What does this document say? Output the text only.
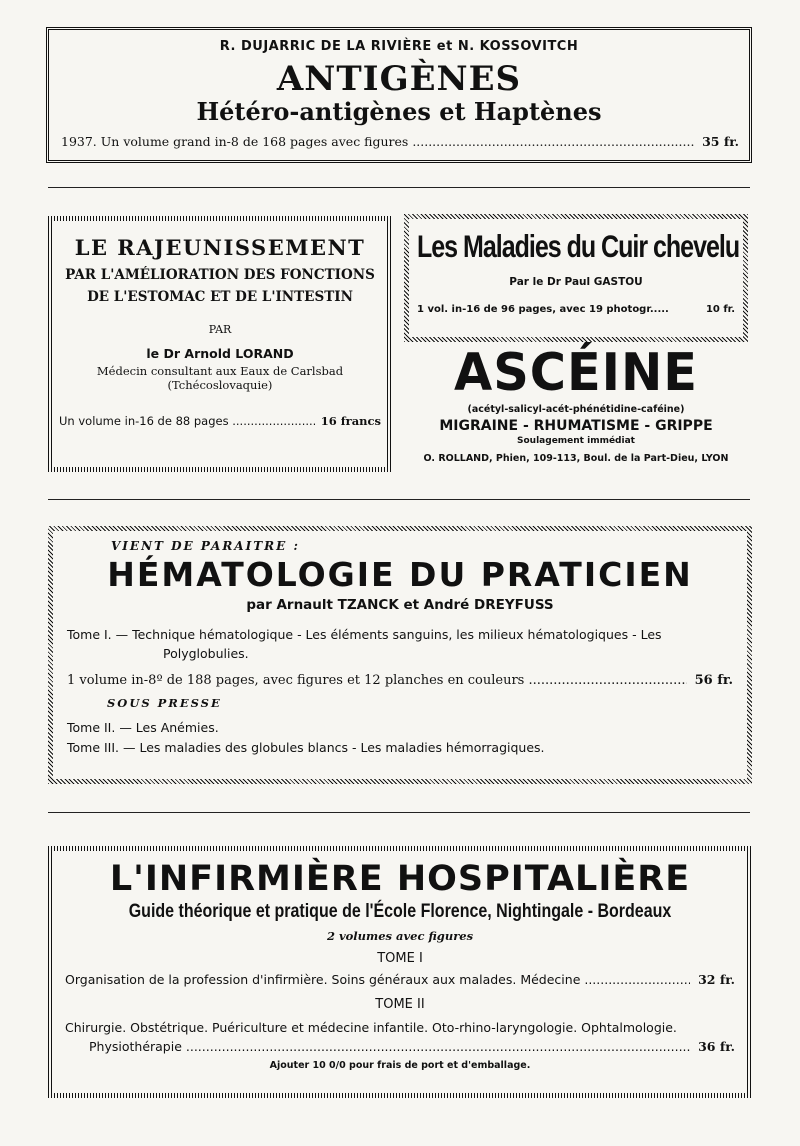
R. DUJARRIC DE LA RIVIÈRE et N. KOSSOVITCH
ANTIGÈNES
Hétéro-antigènes et Haptènes
1937. Un volume grand in-8 de 168 pages avec figures .....	35 fr.
LE RAJEUNISSEMENT
PAR L'AMÉLIORATION DES FONCTIONS
DE L'ESTOMAC ET DE L'INTESTIN
PAR
le Dr Arnold LORAND
Médecin consultant aux Eaux de Carlsbad
(Tchécoslovaquie)
Un volume in-16 de 88 pages .....	16 francs
Les Maladies du Cuir chevelu
Par le Dr Paul GASTOU
1 vol. in-16 de 96 pages, avec 19 photogr.....	10 fr.
ASCÉINE
(acétyl-salicyl-acét-phénétidine-caféine)
MIGRAINE - RHUMATISME - GRIPPE
Soulagement immédiat
O. ROLLAND, Phien, 109-113, Boul. de la Part-Dieu, LYON
VIENT DE PARAITRE :
HÉMATOLOGIE DU PRATICIEN
par Arnault TZANCK et André DREYFUSS
Tome I. — Technique hématologique - Les éléments sanguins, les milieux hématologiques - Les
Polyglobulies.
1 volume in-8º de 188 pages, avec figures et 12 planches en couleurs .....	56 fr.
SOUS PRESSE
Tome II. — Les Anémies.
Tome III. — Les maladies des globules blancs - Les maladies hémorragiques.
L'INFIRMIÈRE HOSPITALIÈRE
Guide théorique et pratique de l'École Florence, Nightingale - Bordeaux
2 volumes avec figures
TOME I
Organisation de la profession d'infirmière. Soins généraux aux malades. Médecine .....	32 fr.
TOME II
Chirurgie. Obstétrique. Puériculture et médecine infantile. Oto-rhino-laryngologie. Ophtalmologie.
Physiothérapie .....	36 fr.
Ajouter 10 0/0 pour frais de port et d'emballage.
